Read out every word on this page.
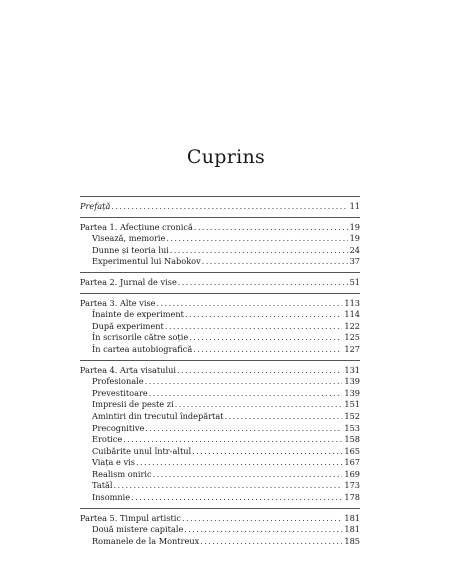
Cuprins
Prefață . . .	11
Partea 1. Afecțiune cronică . . .	19
Visează, memorie . . .	19
Dunne și teoria lui . . .	24
Experimentul lui Nabokov . . .	37
Partea 2. Jurnal de vise . . .	51
Partea 3. Alte vise . . .	113
Înainte de experiment . . .	114
După experiment . . .	122
În scrisorile către soție . . .	125
În cartea autobiografică . . .	127
Partea 4. Arta visatului . . .	131
Profesionale . . .	139
Prevestitoare . . .	139
Impresii de peste zi . . .	151
Amintiri din trecutul îndepărtat . . .	152
Precognitive . . .	153
Erotice . . .	158
Cuibărite unul într-altul . . .	165
Viața e vis . . .	167
Realism oniric . . .	169
Tatăl . . .	173
Insomnie . . .	178
Partea 5. Timpul artistic . . .	181
Două mistere capitale . . .	181
Romanele de la Montreux . . .	185
